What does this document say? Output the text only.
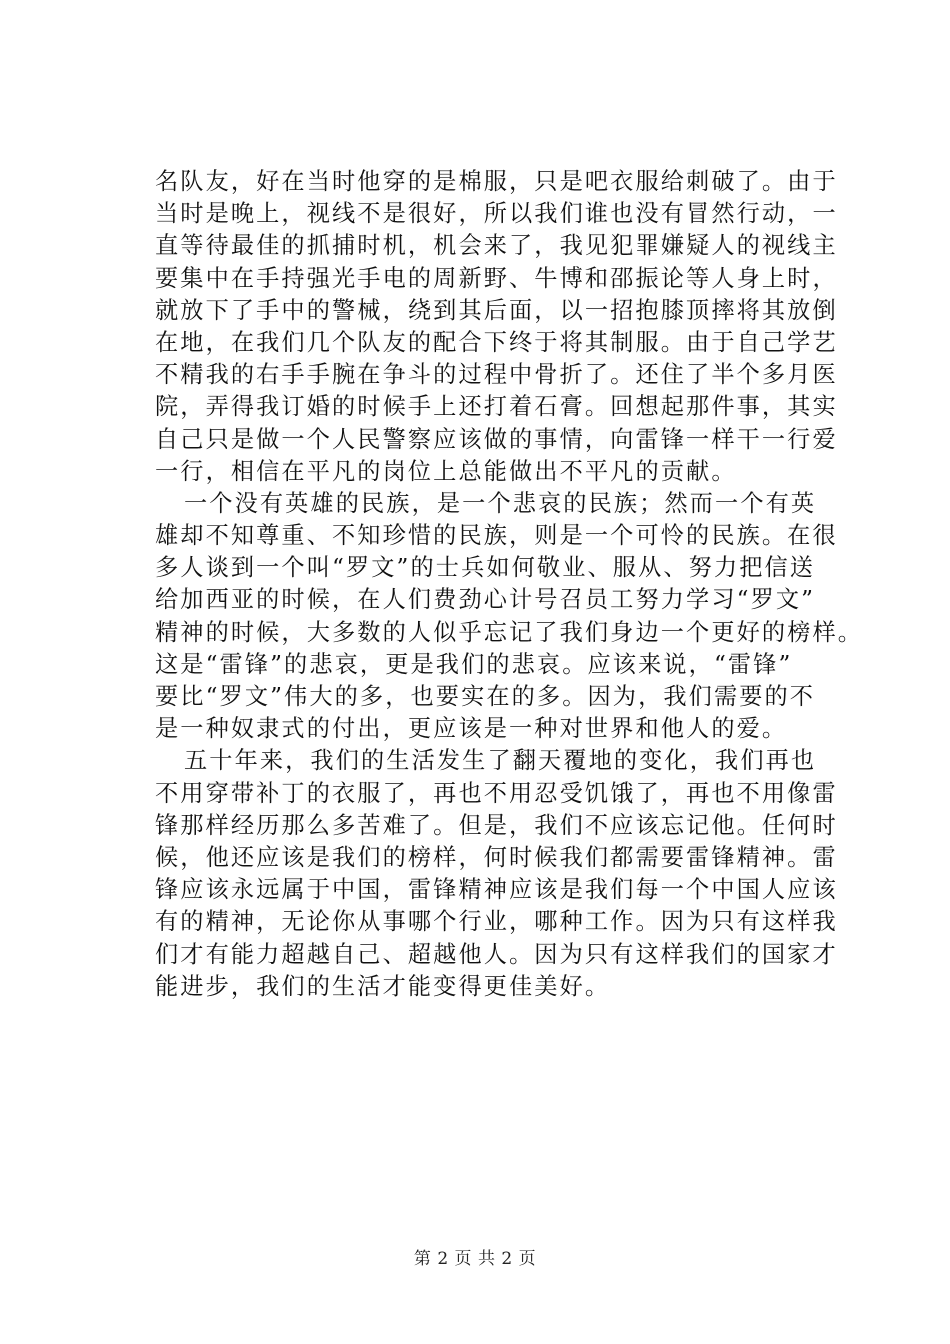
名队友，好在当时他穿的是棉服，只是吧衣服给刺破了。由于
当时是晚上，视线不是很好，所以我们谁也没有冒然行动，一
直等待最佳的抓捕时机，机会来了，我见犯罪嫌疑人的视线主
要集中在手持强光手电的周新野、牛博和邵振论等人身上时，
就放下了手中的警械，绕到其后面，以一招抱膝顶摔将其放倒
在地，在我们几个队友的配合下终于将其制服。由于自己学艺
不精我的右手手腕在争斗的过程中骨折了。还住了半个多月医
院，弄得我订婚的时候手上还打着石膏。回想起那件事，其实
自己只是做一个人民警察应该做的事情，向雷锋一样干一行爱
一行，相信在平凡的岗位上总能做出不平凡的贡献。
一个没有英雄的民族，是一个悲哀的民族；然而一个有英
雄却不知尊重、不知珍惜的民族，则是一个可怜的民族。在很
多人谈到一个叫“罗文”的士兵如何敬业、服从、努力把信送
给加西亚的时候，在人们费劲心计号召员工努力学习“罗文”
精神的时候，大多数的人似乎忘记了我们身边一个更好的榜样。
这是“雷锋”的悲哀，更是我们的悲哀。应该来说，“雷锋”
要比“罗文”伟大的多，也要实在的多。因为，我们需要的不
是一种奴隶式的付出，更应该是一种对世界和他人的爱。
五十年来，我们的生活发生了翻天覆地的变化，我们再也
不用穿带补丁的衣服了，再也不用忍受饥饿了，再也不用像雷
锋那样经历那么多苦难了。但是，我们不应该忘记他。任何时
候，他还应该是我们的榜样，何时候我们都需要雷锋精神。雷
锋应该永远属于中国，雷锋精神应该是我们每一个中国人应该
有的精神，无论你从事哪个行业，哪种工作。因为只有这样我
们才有能力超越自己、超越他人。因为只有这样我们的国家才
能进步，我们的生活才能变得更佳美好。
第 2 页 共 2 页
